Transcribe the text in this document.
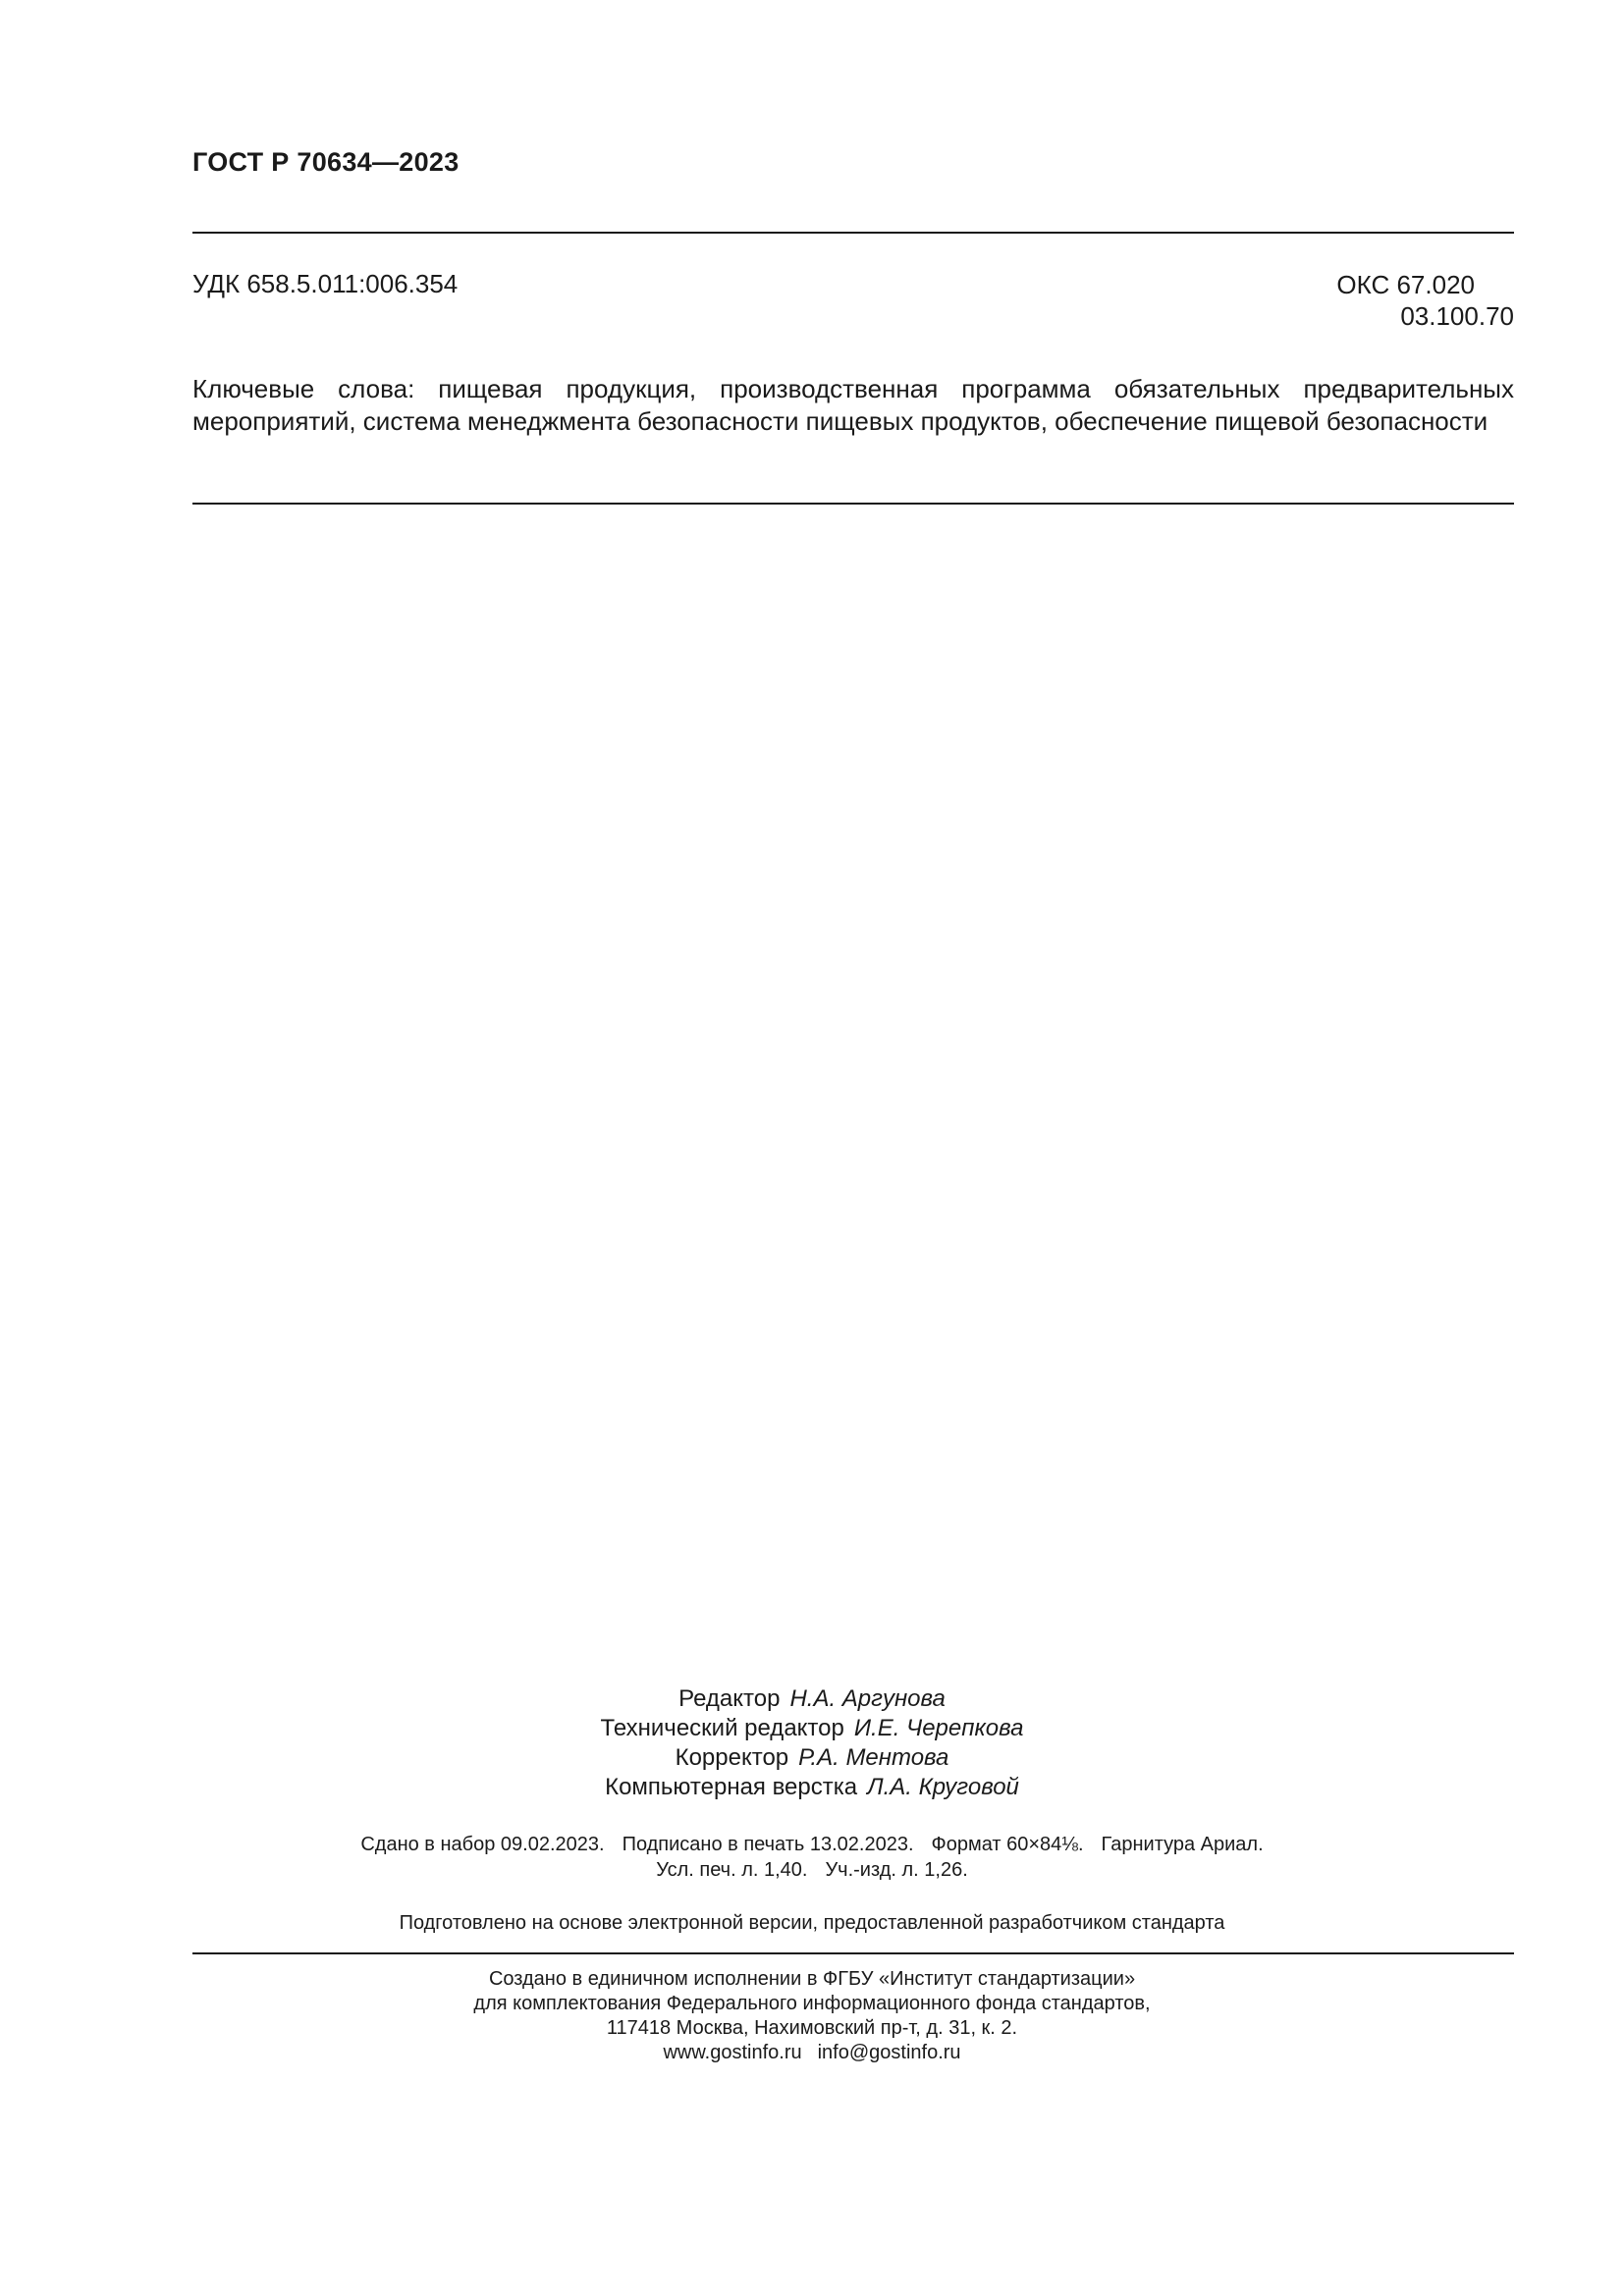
ГОСТ Р 70634—2023
УДК 658.5.011:006.354	ОКС 67.020
03.100.70
Ключевые слова: пищевая продукция, производственная программа обязательных предварительных мероприятий, система менеджмента безопасности пищевых продуктов, обеспечение пищевой безопасности
Редактор Н.А. Аргунова
Технический редактор И.Е. Черепкова
Корректор Р.А. Ментова
Компьютерная верстка Л.А. Круговой
Сдано в набор 09.02.2023. Подписано в печать 13.02.2023. Формат 60×84⅛. Гарнитура Ариал.
Усл. печ. л. 1,40. Уч.-изд. л. 1,26.
Подготовлено на основе электронной версии, предоставленной разработчиком стандарта
Создано в единичном исполнении в ФГБУ «Институт стандартизации»
для комплектования Федерального информационного фонда стандартов,
117418 Москва, Нахимовский пр-т, д. 31, к. 2.
www.gostinfo.ru info@gostinfo.ru
